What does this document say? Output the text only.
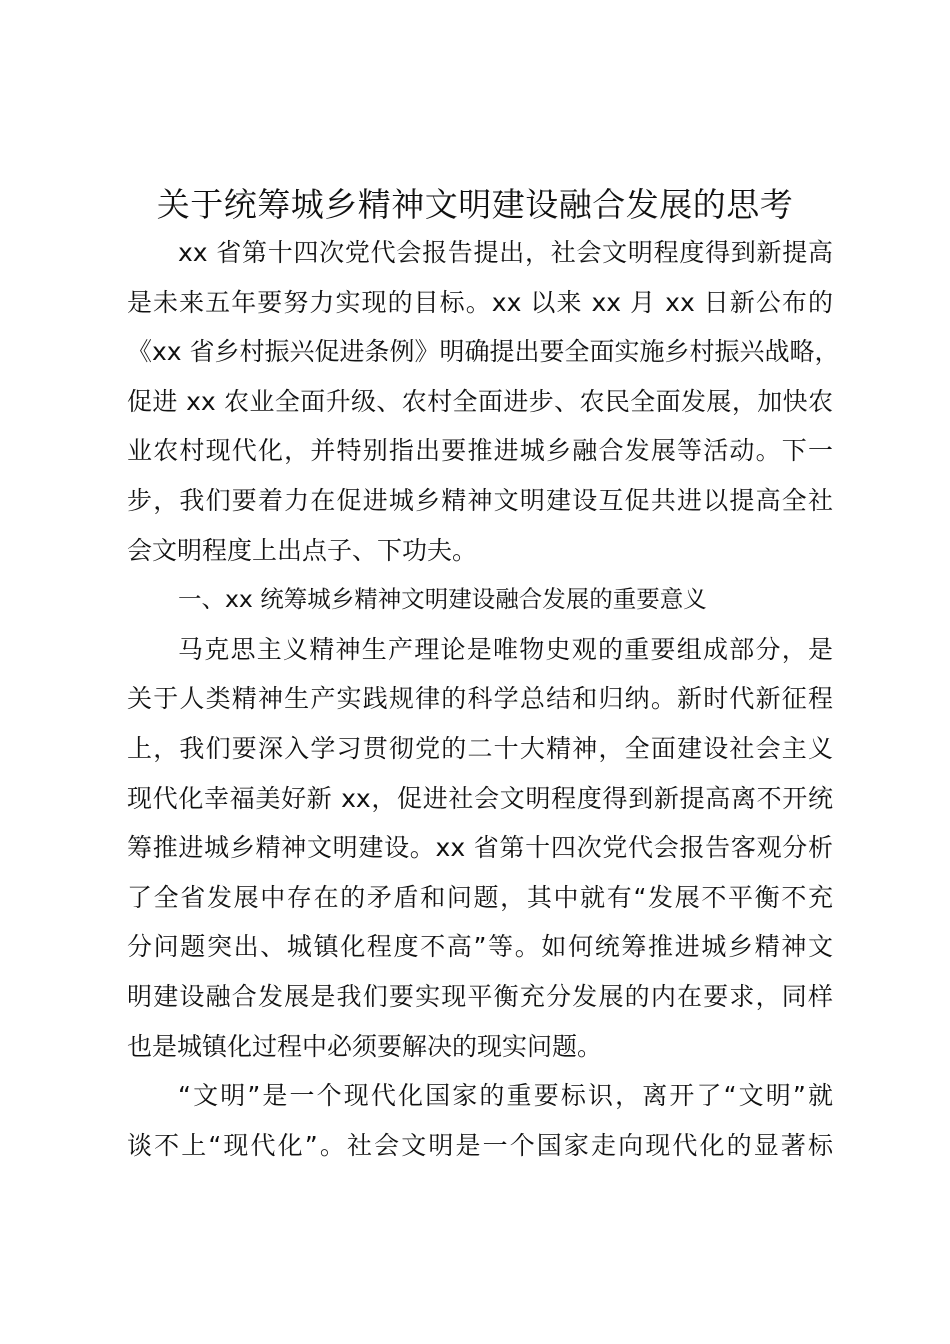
关于统筹城乡精神文明建设融合发展的思考
xx 省第十四次党代会报告提出，社会文明程度得到新提高
是未来五年要努力实现的目标。xx 以来 xx 月 xx 日新公布的
《xx 省乡村振兴促进条例》明确提出要全面实施乡村振兴战略，
促进 xx 农业全面升级、农村全面进步、农民全面发展，加快农
业农村现代化，并特别指出要推进城乡融合发展等活动。下一
步，我们要着力在促进城乡精神文明建设互促共进以提高全社
会文明程度上出点子、下功夫。
一、xx 统筹城乡精神文明建设融合发展的重要意义
马克思主义精神生产理论是唯物史观的重要组成部分，是
关于人类精神生产实践规律的科学总结和归纳。新时代新征程
上，我们要深入学习贯彻党的二十大精神，全面建设社会主义
现代化幸福美好新 xx，促进社会文明程度得到新提高离不开统
筹推进城乡精神文明建设。xx 省第十四次党代会报告客观分析
了全省发展中存在的矛盾和问题，其中就有“发展不平衡不充
分问题突出、城镇化程度不高”等。如何统筹推进城乡精神文
明建设融合发展是我们要实现平衡充分发展的内在要求，同样
也是城镇化过程中必须要解决的现实问题。
“文明”是一个现代化国家的重要标识，离开了“文明”就
谈不上“现代化”。社会文明是一个国家走向现代化的显著标
